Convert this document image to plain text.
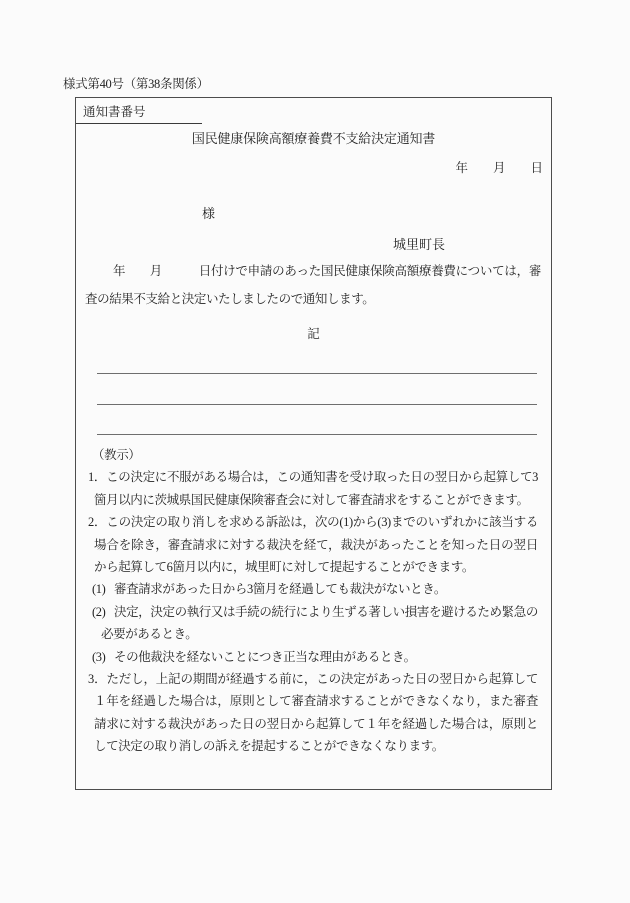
様式第40号（第38条関係）
通知書番号
国民健康保険高額療養費不支給決定通知書
年　　月　　日
様
城里町長
年　　月　　　日付けで申請のあった国民健康保険高額療養費については，審査の結果不支給と決定いたしましたので通知します。
記
（教示）
1．この決定に不服がある場合は，この通知書を受け取った日の翌日から起算して3箇月以内に茨城県国民健康保険審査会に対して審査請求をすることができます。
2．この決定の取り消しを求める訴訟は，次の(1)から(3)までのいずれかに該当する場合を除き，審査請求に対する裁決を経て，裁決があったことを知った日の翌日から起算して6箇月以内に，城里町に対して提起することができます。
(1) 審査請求があった日から3箇月を経過しても裁決がないとき。
(2) 決定，決定の執行又は手続の続行により生ずる著しい損害を避けるため緊急の必要があるとき。
(3) その他裁決を経ないことにつき正当な理由があるとき。
3．ただし，上記の期間が経過する前に，この決定があった日の翌日から起算して１年を経過した場合は，原則として審査請求することができなくなり，また審査請求に対する裁決があった日の翌日から起算して１年を経過した場合は，原則として決定の取り消しの訴えを提起することができなくなります。
